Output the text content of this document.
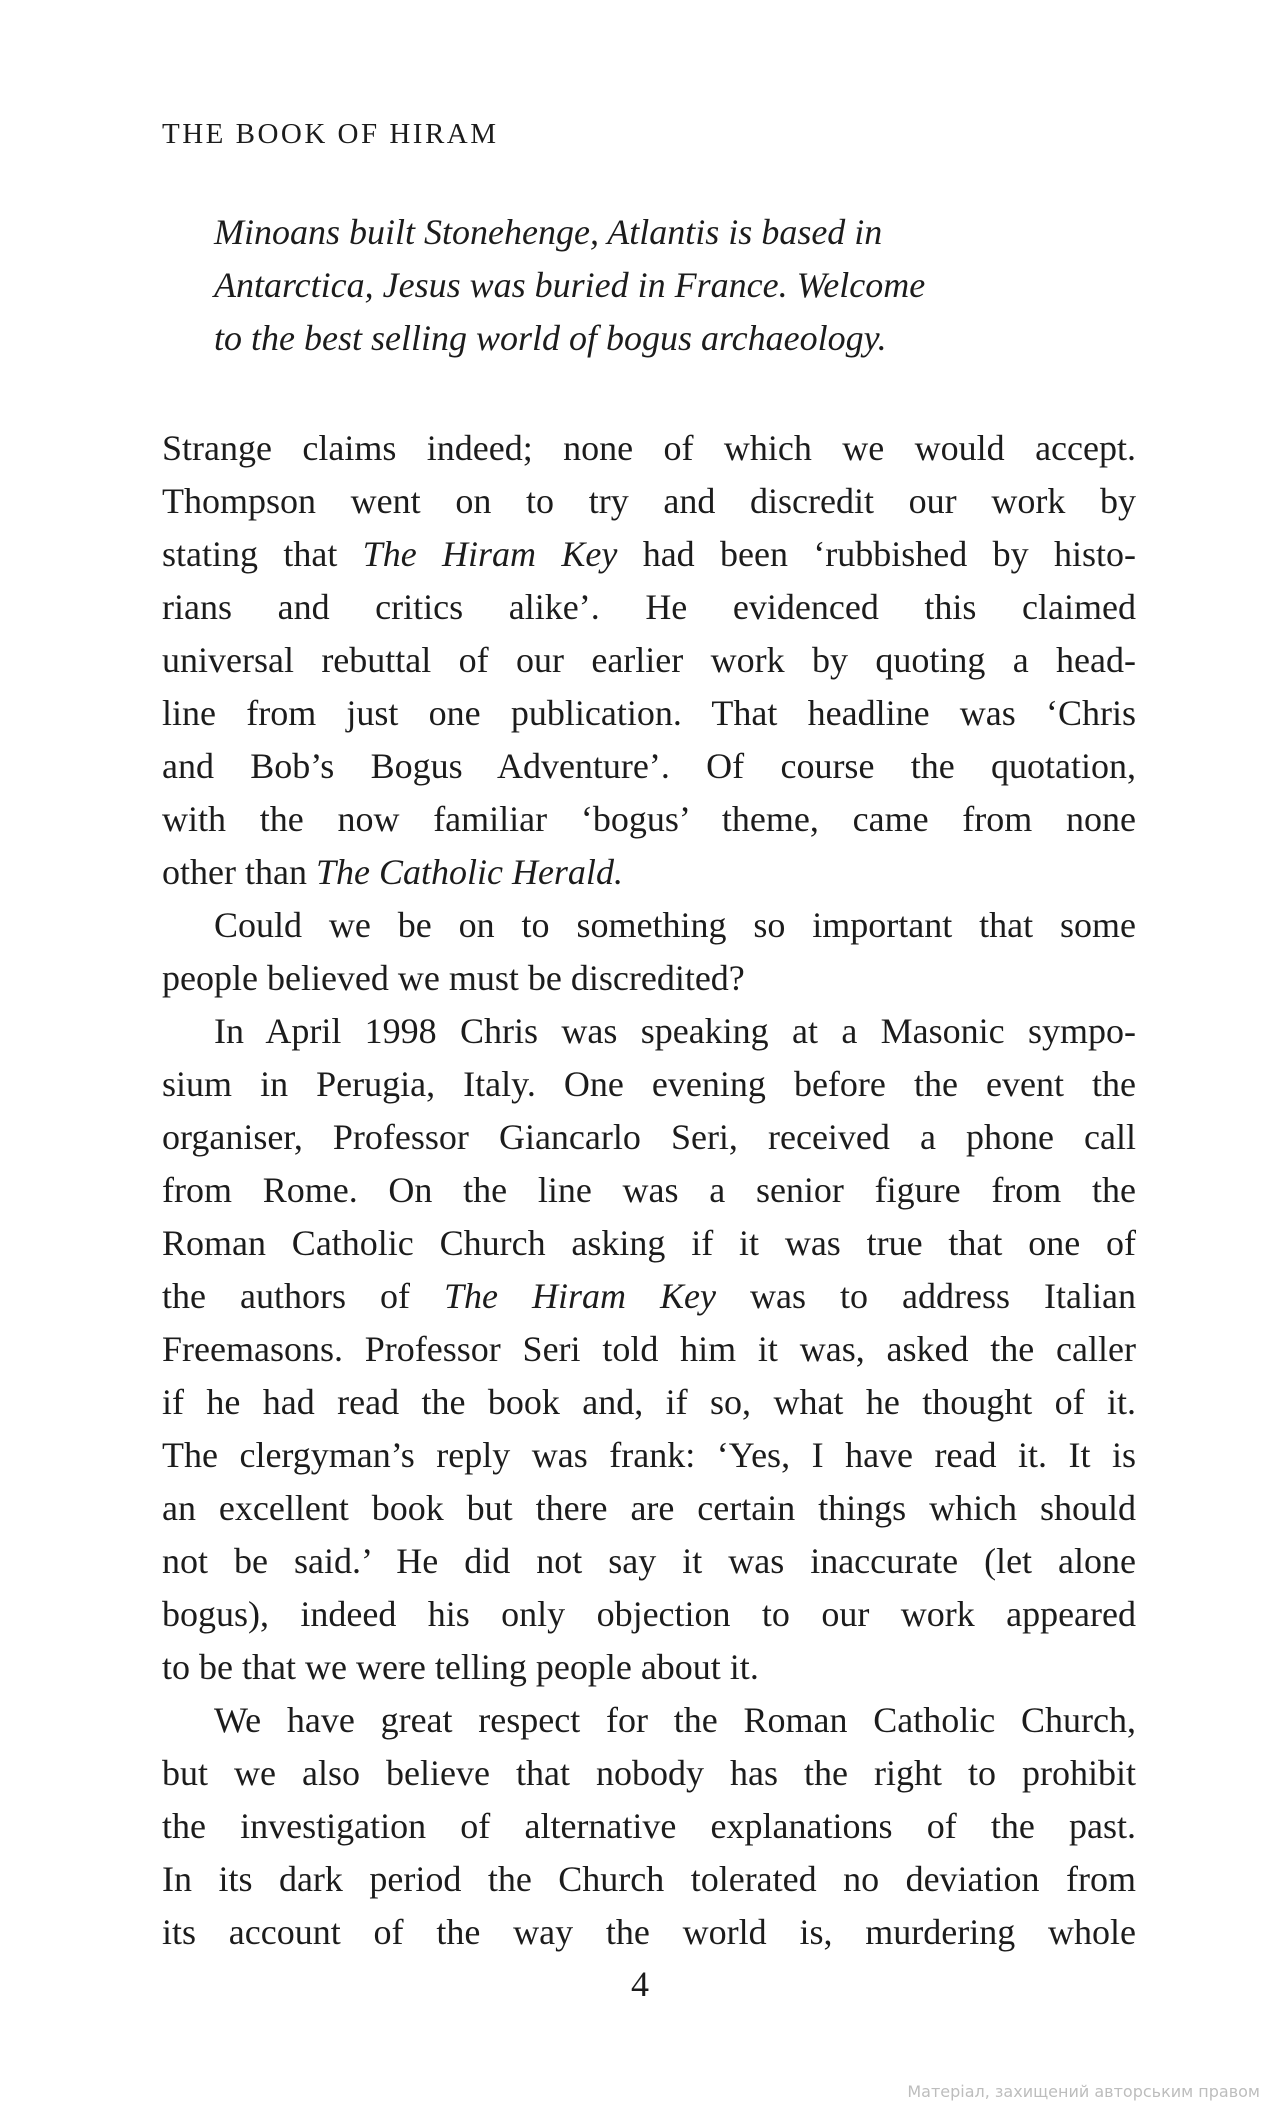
THE BOOK OF HIRAM
Minoans built Stonehenge, Atlantis is based in
Antarctica, Jesus was buried in France. Welcome
to the best selling world of bogus archaeology.
Strange claims indeed; none of which we would accept.
Thompson went on to try and discredit our work by
stating that The Hiram Key had been ‘rubbished by histo-
rians and critics alike’. He evidenced this claimed
universal rebuttal of our earlier work by quoting a head-
line from just one publication. That headline was ‘Chris
and Bob’s Bogus Adventure’. Of course the quotation,
with the now familiar ‘bogus’ theme, came from none
other than The Catholic Herald.
Could we be on to something so important that some
people believed we must be discredited?
In April 1998 Chris was speaking at a Masonic sympo-
sium in Perugia, Italy. One evening before the event the
organiser, Professor Giancarlo Seri, received a phone call
from Rome. On the line was a senior figure from the
Roman Catholic Church asking if it was true that one of
the authors of The Hiram Key was to address Italian
Freemasons. Professor Seri told him it was, asked the caller
if he had read the book and, if so, what he thought of it.
The clergyman’s reply was frank: ‘Yes, I have read it. It is
an excellent book but there are certain things which should
not be said.’ He did not say it was inaccurate (let alone
bogus), indeed his only objection to our work appeared
to be that we were telling people about it.
We have great respect for the Roman Catholic Church,
but we also believe that nobody has the right to prohibit
the investigation of alternative explanations of the past.
In its dark period the Church tolerated no deviation from
its account of the way the world is, murdering whole
4
Матеріал, захищений авторським правом
